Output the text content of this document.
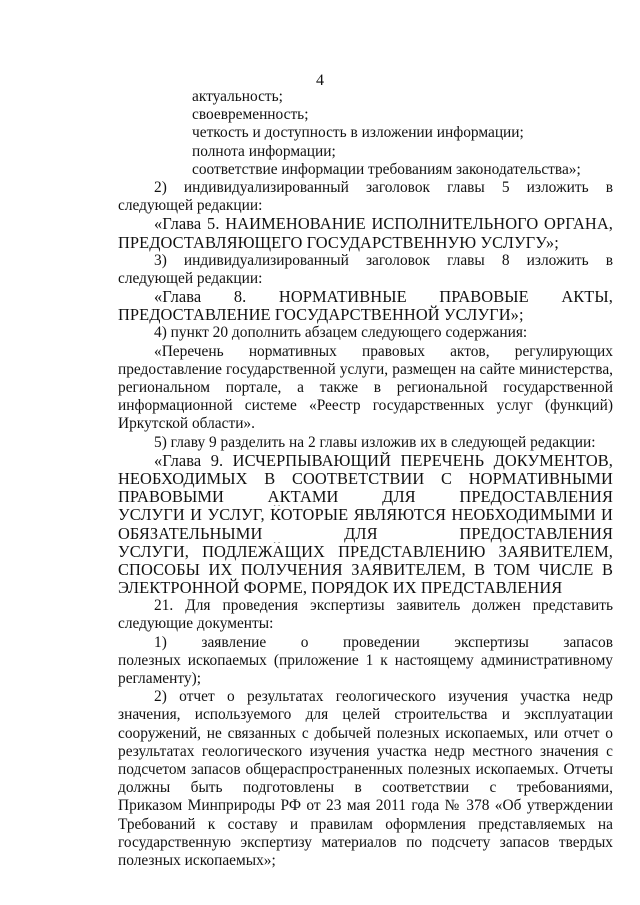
4
актуальность;
своевременность;
четкость и доступность в изложении информации;
полнота информации;
соответствие информации требованиям законодательства»;
2) индивидуализированный заголовок главы 5 изложить в
следующей редакции:
«Глава 5. НАИМЕНОВАНИЕ ИСПОЛНИТЕЛЬНОГО ОРГАНА,
ПРЕДОСТАВЛЯЮЩЕГО ГОСУДАРСТВЕННУЮ УСЛУГУ»;
3) индивидуализированный заголовок главы 8 изложить в
следующей редакции:
«Глава 8. НОРМАТИВНЫЕ ПРАВОВЫЕ АКТЫ,
ПРЕДОСТАВЛЕНИЕ ГОСУДАРСТВЕННОЙ УСЛУГИ»;
4) пункт 20 дополнить абзацем следующего содержания:
«Перечень нормативных правовых актов, регулирующих
предоставление государственной услуги, размещен на сайте министерства,
региональном портале, а также в региональной государственной
информационной системе «Реестр государственных услуг (функций)
Иркутской области».
5) главу 9 разделить на 2 главы изложив их в следующей редакции:
«Глава 9. ИСЧЕРПЫВАЮЩИЙ ПЕРЕЧЕНЬ ДОКУМЕНТОВ,
НЕОБХОДИМЫХ В СООТВЕТСТВИИ С НОРМАТИВНЫМИ
ПРАВОВЫМИ АКТАМИ ДЛЯ ПРЕДОСТАВЛЕНИЯ
УСЛУГИ И УСЛУГ, КОТОРЫЕ ЯВЛЯЮТСЯ НЕОБХОДИМЫМИ И
ОБЯЗАТЕЛЬНЫМИ ДЛЯ ПРЕДОСТАВЛЕНИЯ
УСЛУГИ, ПОДЛЕЖАЩИХ ПРЕДСТАВЛЕНИЮ ЗАЯВИТЕЛЕМ,
СПОСОБЫ ИХ ПОЛУЧЕНИЯ ЗАЯВИТЕЛЕМ, В ТОМ ЧИСЛЕ В
ЭЛЕКТРОННОЙ ФОРМЕ, ПОРЯДОК ИХ ПРЕДСТАВЛЕНИЯ
21. Для проведения экспертизы заявитель должен представить
следующие документы:
1) заявление о проведении экспертизы запасов
полезных ископаемых (приложение 1 к настоящему административному
регламенту);
2) отчет о результатах геологического изучения участка недр
значения, используемого для целей строительства и эксплуатации
сооружений, не связанных с добычей полезных ископаемых, или отчет о
результатах геологического изучения участка недр местного значения с
подсчетом запасов общераспространенных полезных ископаемых. Отчеты
должны быть подготовлены в соответствии с требованиями,
Приказом Минприроды РФ от 23 мая 2011 года № 378 «Об утверждении
Требований к составу и правилам оформления представляемых на
государственную экспертизу материалов по подсчету запасов твердых
полезных ископаемых»;
